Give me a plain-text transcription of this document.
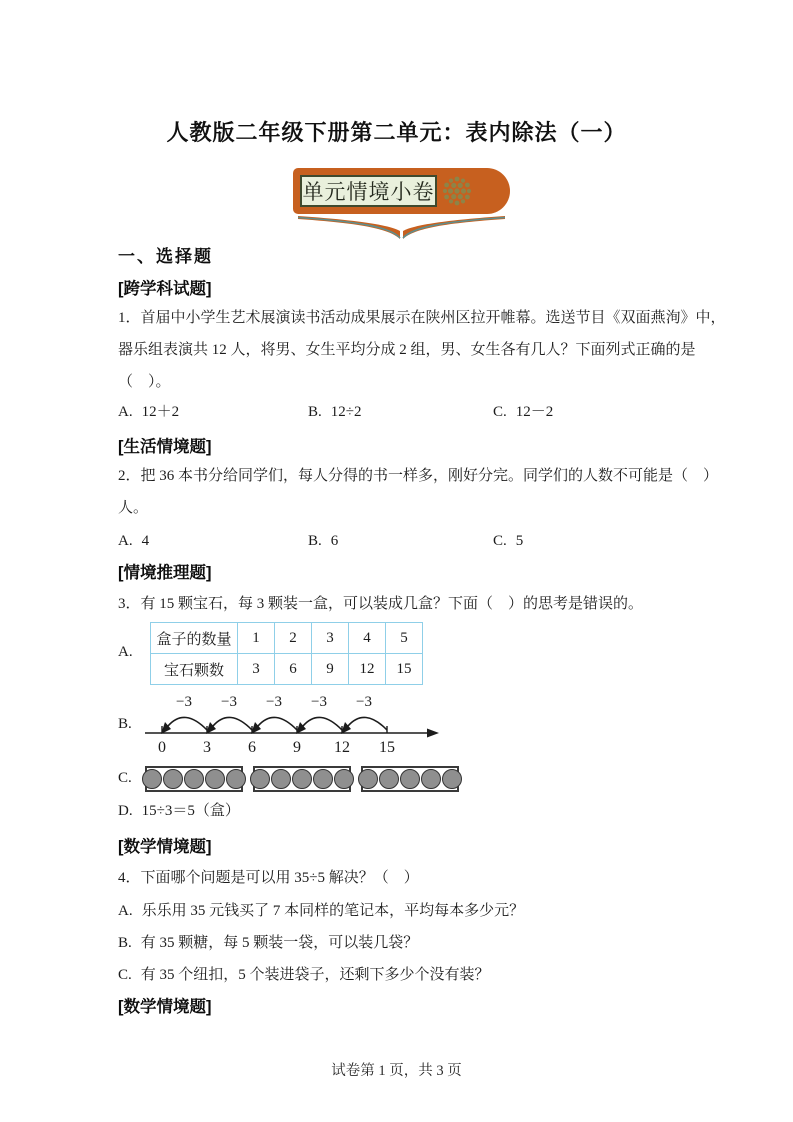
人教版二年级下册第二单元：表内除法（一）
单元情境小卷
一、选择题
[跨学科试题]
1．首届中小学生艺术展演读书活动成果展示在陕州区拉开帷幕。选送节目《双面燕洵》中，
器乐组表演共 12 人，将男、女生平均分成 2 组，男、女生各有几人？下面列式正确的是
（　）。
A. 12＋2	B. 12÷2	C. 12－2
[生活情境题]
2．把 36 本书分给同学们，每人分得的书一样多，刚好分完。同学们的人数不可能是（　）
人。
A. 4	B. 6	C. 5
[情境推理题]
3．有 15 颗宝石，每 3 颗装一盒，可以装成几盒？下面（　）的思考是错误的。
A.
盒子的数量	1	2	3	4	5
宝石颗数	3	6	9	12	15
B.
−3 −3 −3 −3 −3
0 3 6 9 12 15
C.
D. 15÷3＝5（盒）
[数学情境题]
4．下面哪个问题是可以用 35÷5 解决？（　）
A. 乐乐用 35 元钱买了 7 本同样的笔记本，平均每本多少元？
B. 有 35 颗糖，每 5 颗装一袋，可以装几袋？
C. 有 35 个纽扣，5 个装进袋子，还剩下多少个没有装？
[数学情境题]
试卷第 1 页，共 3 页
